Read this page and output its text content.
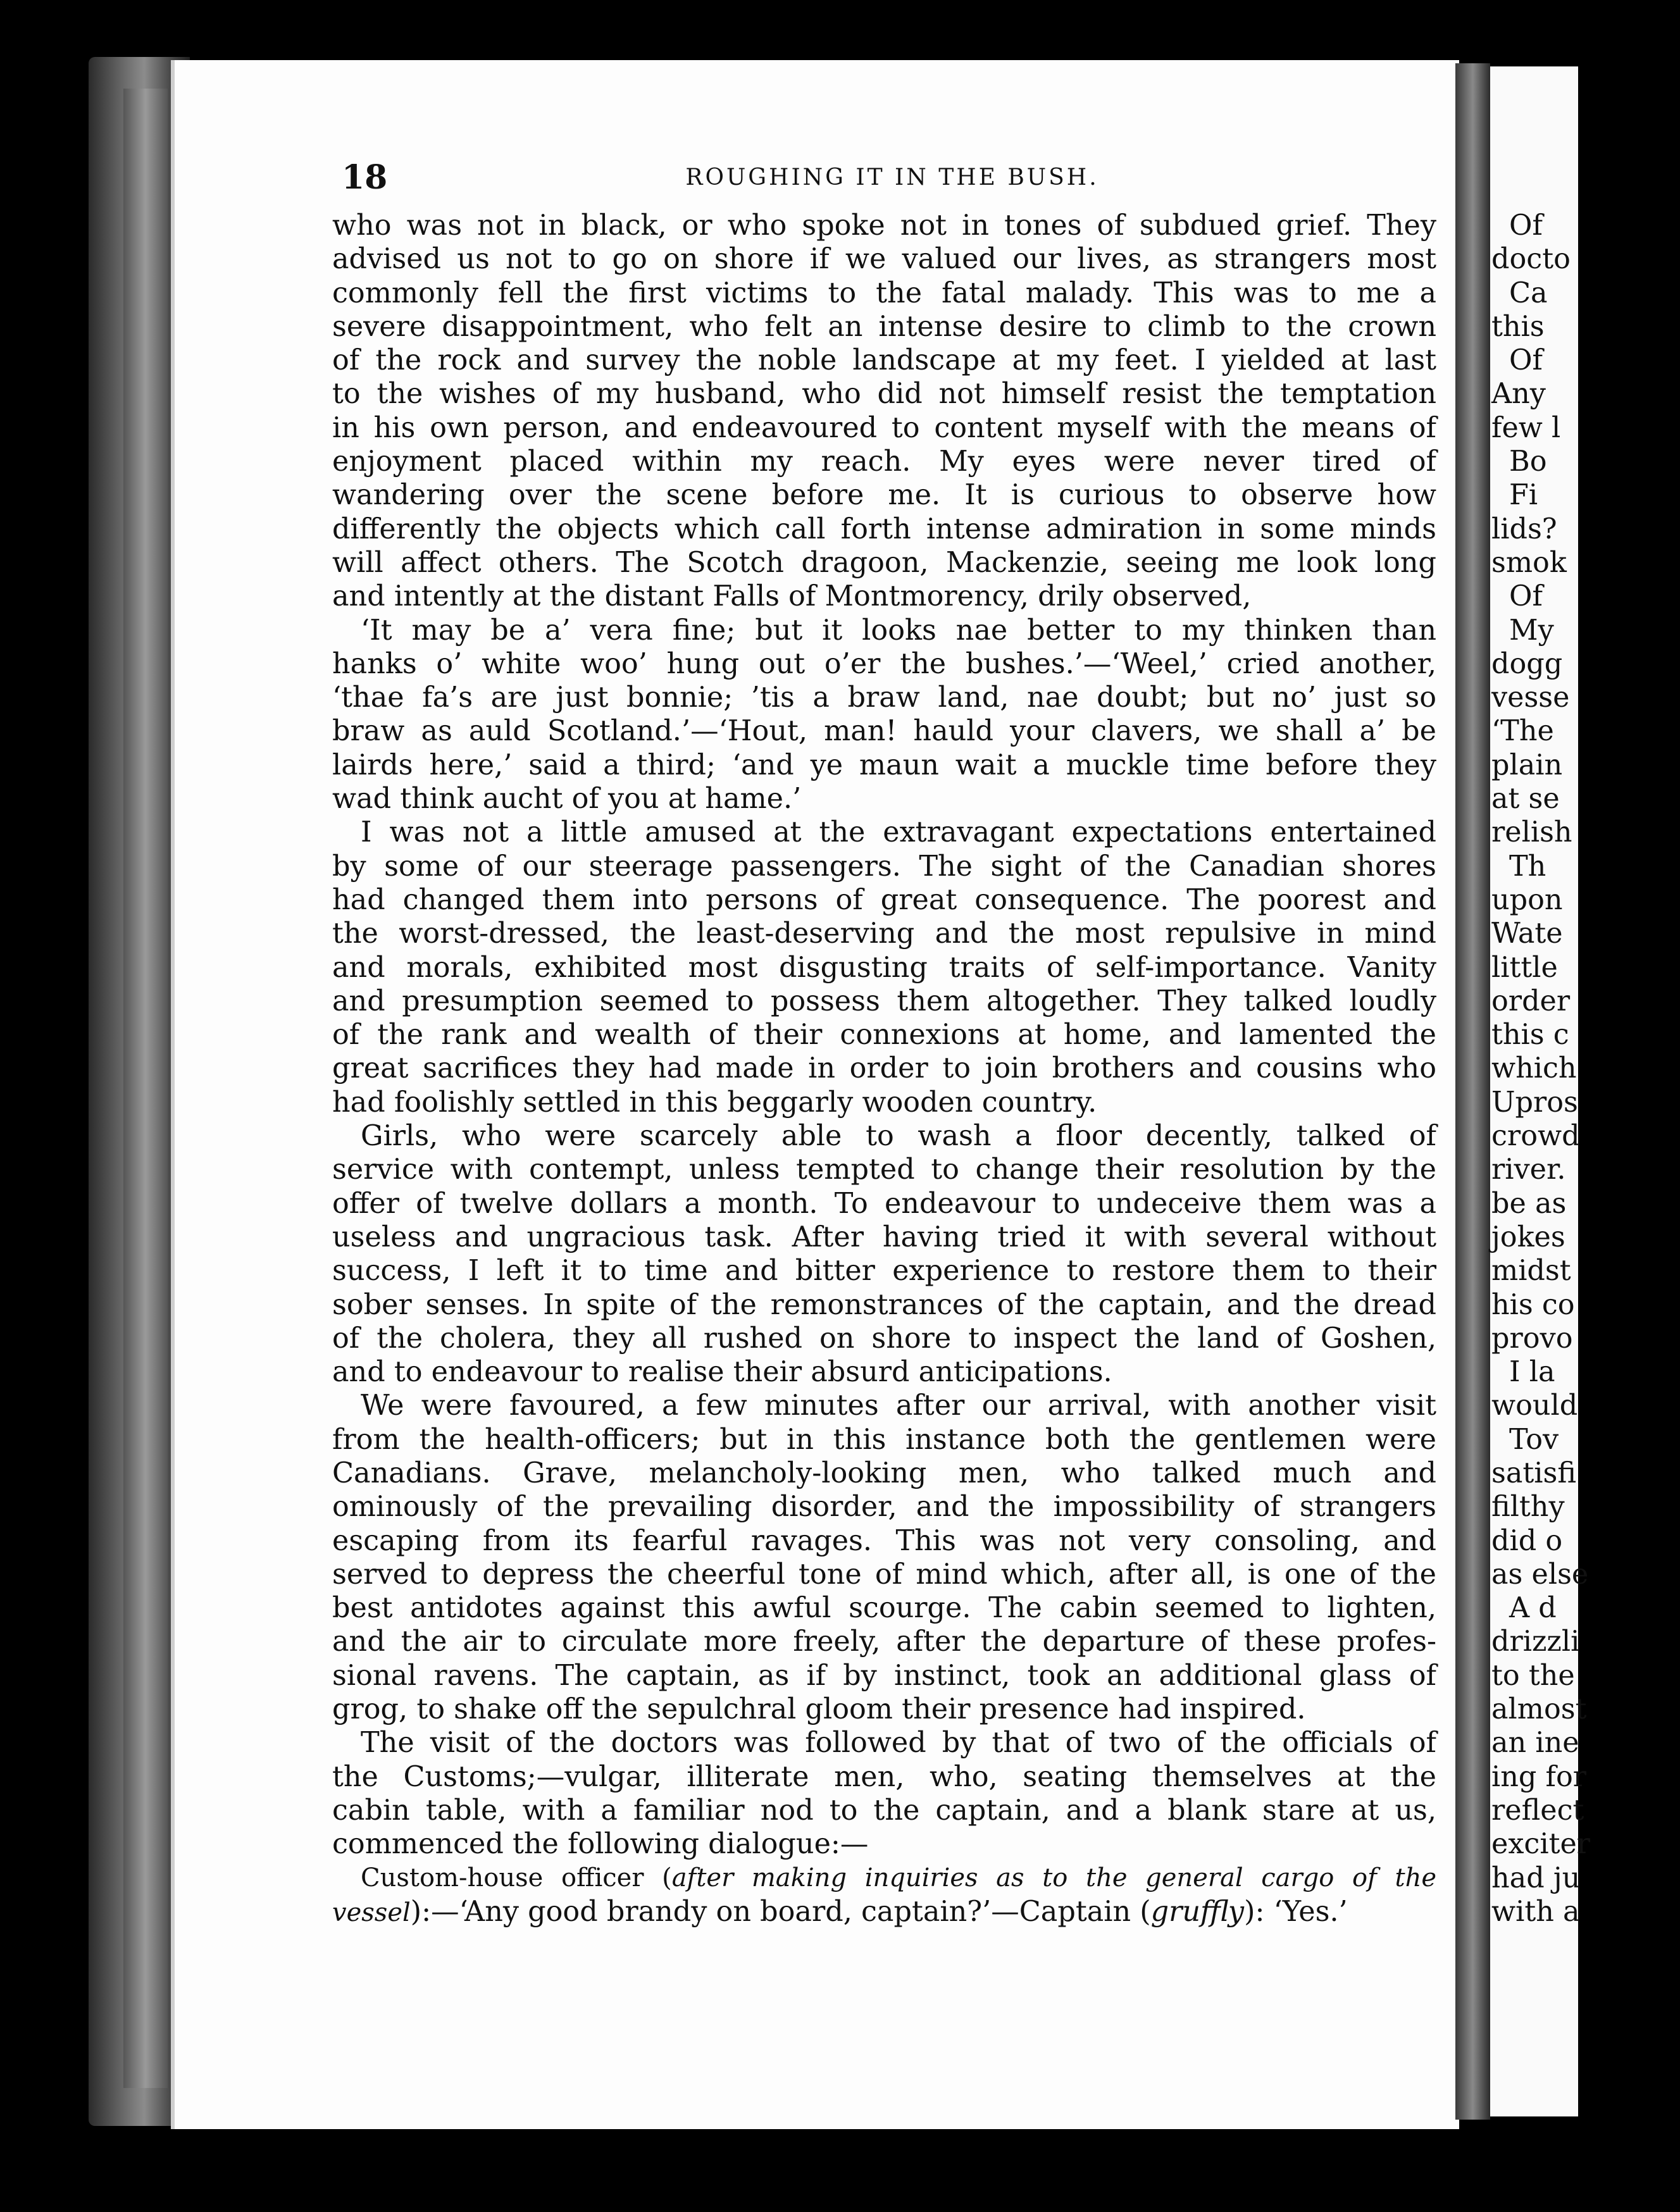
Of
docto
Ca
this
Of
Any
few l
Bo
Fi
lids?
smok
Of
My
dogg
vesse
‘The
plain
at se
relish
Th
upon
Wate
little
order
this c
which
Upros
crowd
river.
be as
jokes
midst
his co
provo
I la
would
Tov
satisfi
filthy
did o
as else
A d
drizzli
to the
almost
an ine
ing for
reflect
exciter
had ju
with a
18	ROUGHING IT IN THE BUSH.
who was not in black, or who spoke not in tones of subdued grief. They
advised us not to go on shore if we valued our lives, as strangers most
commonly fell the first victims to the fatal malady. This was to me a
severe disappointment, who felt an intense desire to climb to the crown
of the rock and survey the noble landscape at my feet. I yielded at last
to the wishes of my husband, who did not himself resist the temptation
in his own person, and endeavoured to content myself with the means of
enjoyment placed within my reach. My eyes were never tired of
wandering over the scene before me. It is curious to observe how
differently the objects which call forth intense admiration in some minds
will affect others. The Scotch dragoon, Mackenzie, seeing me look long
and intently at the distant Falls of Montmorency, drily observed,
‘It may be a’ vera fine; but it looks nae better to my thinken than
hanks o’ white woo’ hung out o’er the bushes.’—‘Weel,’ cried another,
‘thae fa’s are just bonnie; ’tis a braw land, nae doubt; but no’ just so
braw as auld Scotland.’—‘Hout, man! hauld your clavers, we shall a’ be
lairds here,’ said a third; ‘and ye maun wait a muckle time before they
wad think aucht of you at hame.’
I was not a little amused at the extravagant expectations entertained
by some of our steerage passengers. The sight of the Canadian shores
had changed them into persons of great consequence. The poorest and
the worst-dressed, the least-deserving and the most repulsive in mind
and morals, exhibited most disgusting traits of self-importance. Vanity
and presumption seemed to possess them altogether. They talked loudly
of the rank and wealth of their connexions at home, and lamented the
great sacrifices they had made in order to join brothers and cousins who
had foolishly settled in this beggarly wooden country.
Girls, who were scarcely able to wash a floor decently, talked of
service with contempt, unless tempted to change their resolution by the
offer of twelve dollars a month. To endeavour to undeceive them was a
useless and ungracious task. After having tried it with several without
success, I left it to time and bitter experience to restore them to their
sober senses. In spite of the remonstrances of the captain, and the dread
of the cholera, they all rushed on shore to inspect the land of Goshen,
and to endeavour to realise their absurd anticipations.
We were favoured, a few minutes after our arrival, with another visit
from the health-officers; but in this instance both the gentlemen were
Canadians. Grave, melancholy-looking men, who talked much and
ominously of the prevailing disorder, and the impossibility of strangers
escaping from its fearful ravages. This was not very consoling, and
served to depress the cheerful tone of mind which, after all, is one of the
best antidotes against this awful scourge. The cabin seemed to lighten,
and the air to circulate more freely, after the departure of these profes-
sional ravens. The captain, as if by instinct, took an additional glass of
grog, to shake off the sepulchral gloom their presence had inspired.
The visit of the doctors was followed by that of two of the officials of
the Customs;—vulgar, illiterate men, who, seating themselves at the
cabin table, with a familiar nod to the captain, and a blank stare at us,
commenced the following dialogue:—
Custom-house officer (after making inquiries as to the general cargo of the
vessel):—‘Any good brandy on board, captain?’—Captain (gruffly): ‘Yes.’
